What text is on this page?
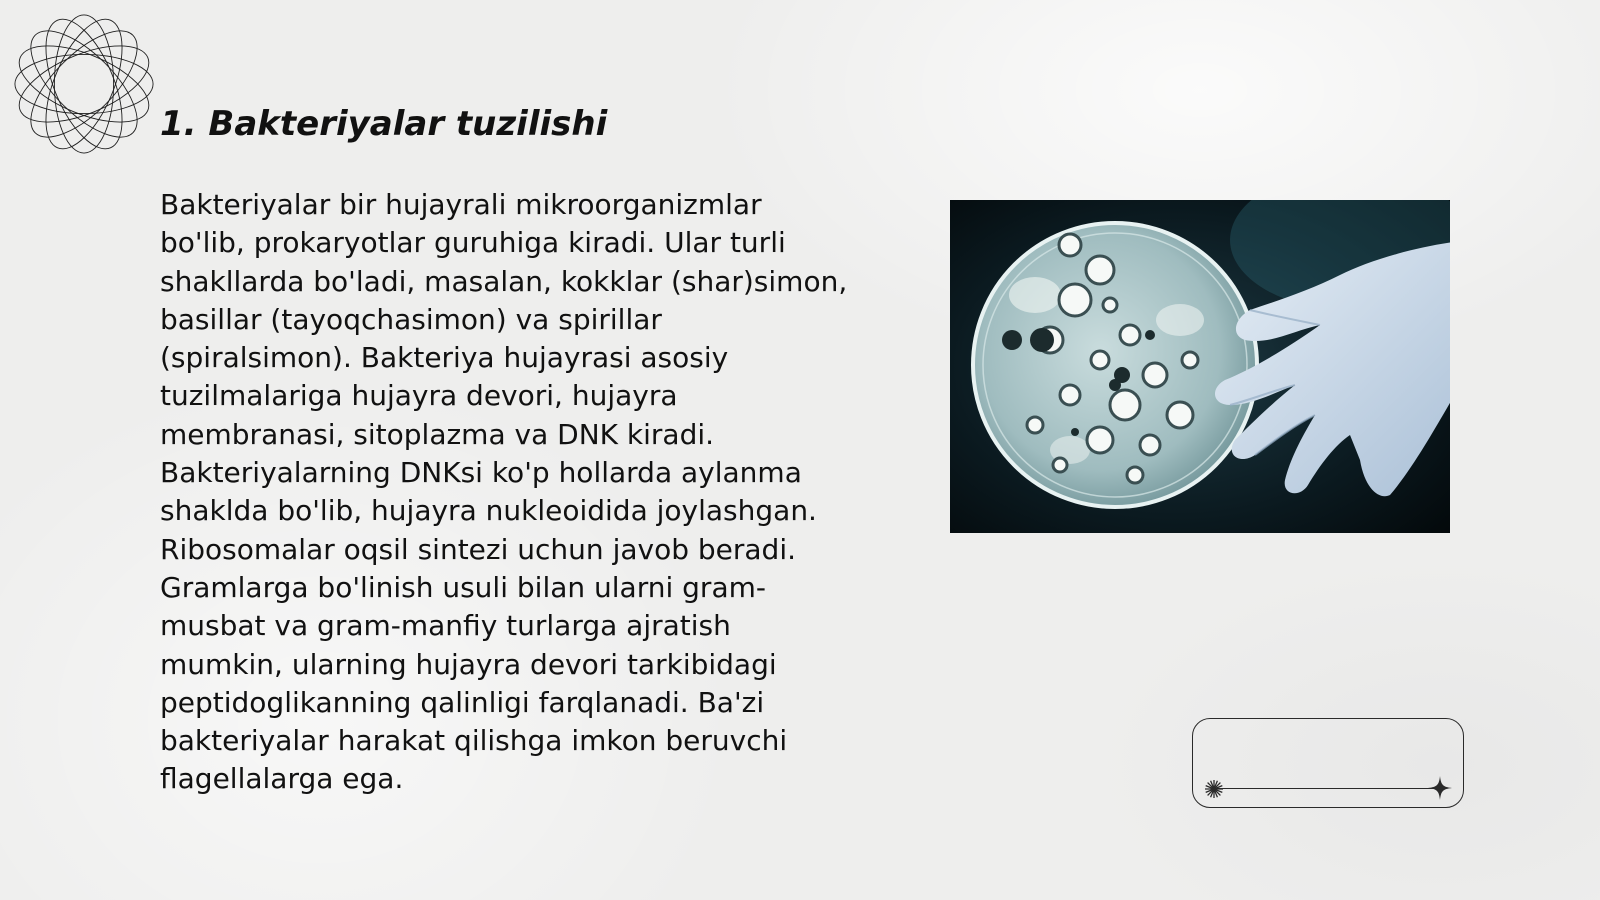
1. Bakteriyalar tuzilishi

Bakteriyalar bir hujayrali mikroorganizmlar bo'lib, prokaryotlar guruhiga kiradi. Ular turli shakllarda bo'ladi, masalan, kokklar (shar)simon, basillar (tayoqchasimon) va spirillar (spiralsimon). Bakteriya hujayrasi asosiy tuzilmalariga hujayra devori, hujayra membranasi, sitoplazma va DNK kiradi. Bakteriyalarning DNKsi ko'p hollarda aylanma shaklda bo'lib, hujayra nukleoidida joylashgan. Ribosomalar oqsil sintezi uchun javob beradi. Gramlarga bo'linish usuli bilan ularni gram-musbat va gram-manfiy turlarga ajratish mumkin, ularning hujayra devori tarkibidagi peptidoglikanning qalinligi farqlanadi. Ba'zi bakteriyalar harakat qilishga imkon beruvchi flagellalarga ega.
